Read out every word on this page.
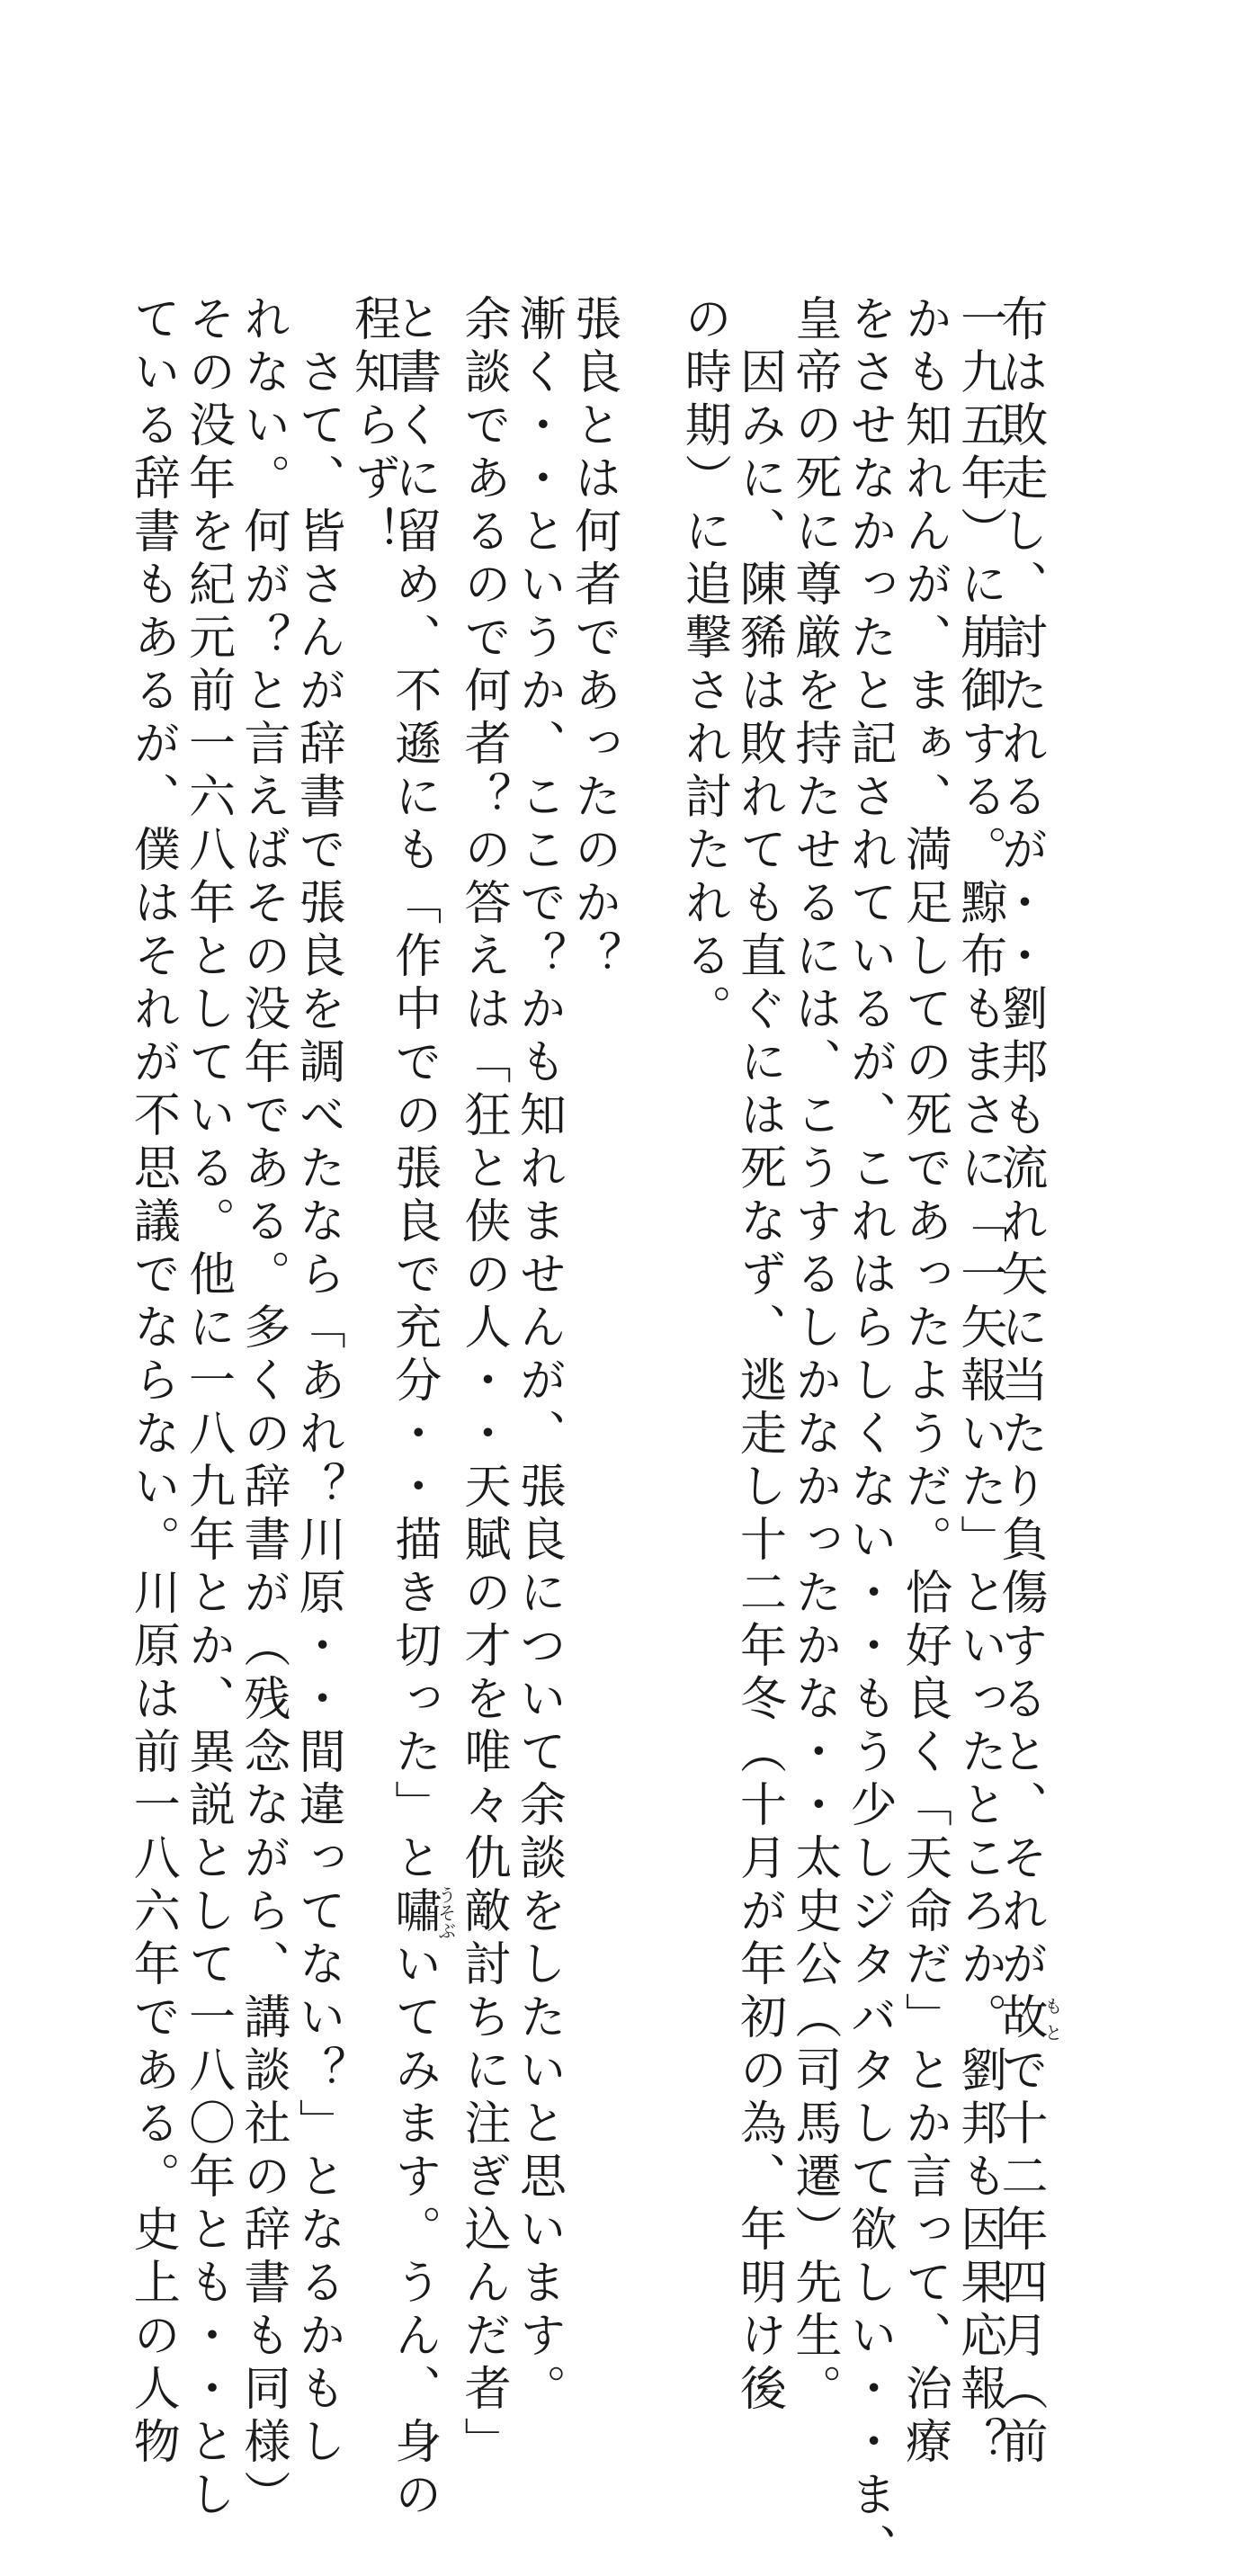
布は敗走し、討たれるが・・劉邦も流れ矢に当たり負傷すると、それが故もとで十二年四月（前
一九五年）に崩御する。黥布もまさに「一矢報いた」といったところか。劉邦も因果応報？
かも知れんが、まぁ、満足しての死であったようだ。恰好良く「天命だ」とか言って、治療
をさせなかったと記されているが、これはらしくない・・もう少しジタバタして欲しい・・ま、
皇帝の死に尊厳を持たせるには、こうするしかなかったかな・・太史公（司馬遷）先生。
　因みに、陳豨は敗れても直ぐには死なず、逃走し十二年冬（十月が年初の為、年明け後
の時期）に追撃され討たれる。
張良とは何者であったのか？
漸く・・というか、ここで？かも知れませんが、張良について余談をしたいと思います。
余談であるので何者？の答えは「狂と侠の人・・天賦の才を唯々仇敵討ちに注ぎ込んだ者」
と書くに留め、不遜にも「作中での張良で充分・・描き切った」と嘯うそぶいてみます。うん、身の
程知らず！
　さて、皆さんが辞書で張良を調べたなら「あれ？川原・・間違ってない？」となるかもし
れない。何が？と言えばその没年である。多くの辞書が（残念ながら、講談社の辞書も同様）
その没年を紀元前一六八年としている。他に一八九年とか、異説として一八〇年とも・・とし
ている辞書もあるが、僕はそれが不思議でならない。川原は前一八六年である。史上の人物
